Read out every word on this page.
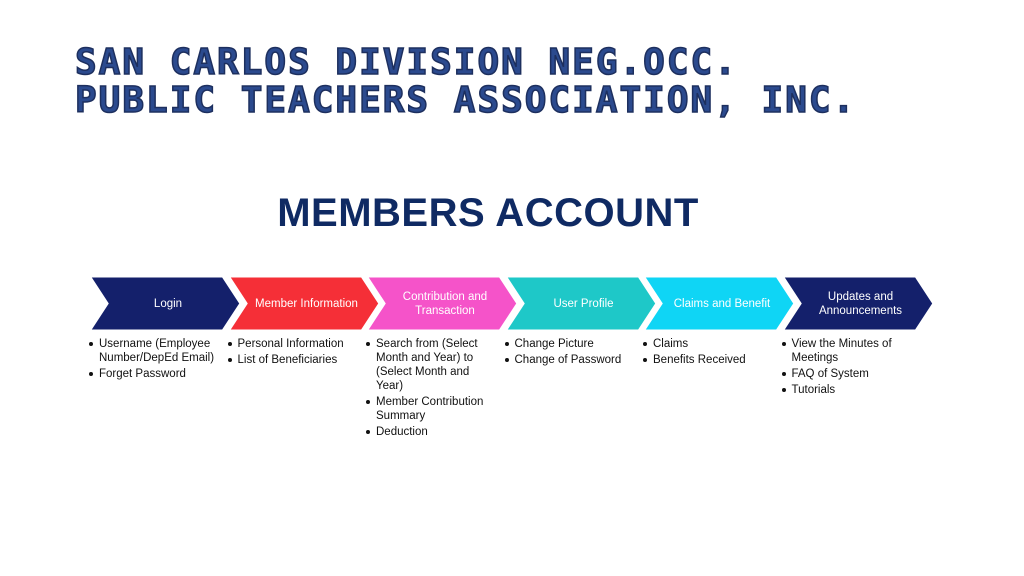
SAN CARLOS DIVISION NEG.OCC.
PUBLIC TEACHERS ASSOCIATION, INC.
MEMBERS ACCOUNT
Login	Member Information
Contribution and Transaction
User Profile	Claims and Benefit
Updates and Announcements
Username (Employee Number/DepEd Email)
Forget Password
Personal Information
List of Beneficiaries
Search from (Select Month and Year) to (Select Month and Year)
Member Contribution Summary
Deduction
Change Picture
Change of Password
Claims
Benefits Received
View the Minutes of Meetings
FAQ of System
Tutorials
